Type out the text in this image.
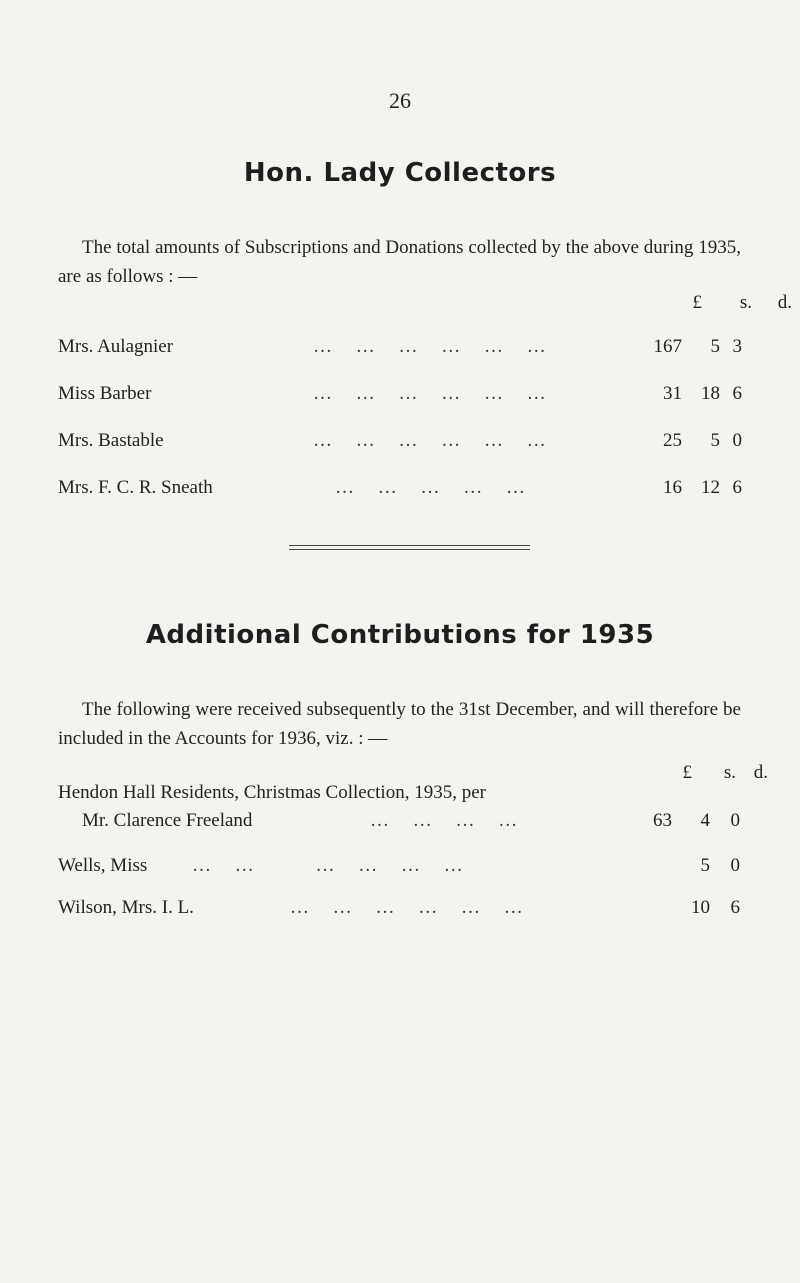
26
Hon. Lady Collectors

The total amounts of Subscriptions and Donations collected by the above during 1935, are as follows : —

£	s.	d.
Mrs. Aulagnier	…     …     …     …     …     …	167	5 3
Miss Barber	…     …     …     …     …     …	31	18 6
Mrs. Bastable	…     …     …     …     …     …	25	5 0
Mrs. F. C. R. Sneath	…     …     …     …     …	16	12 6
Additional Contributions for 1935

The following were received subsequently to the 31st December, and will therefore be included in the Accounts for 1936, viz. : —

£	s. d.
Hendon Hall Residents, Christmas Collection, 1935, per
Mr. Clarence Freeland	…     …     …     …	63	4	0
Wells, Miss …     …             …     …     …     …	5	0
Wilson, Mrs. I. L.	…     …     …     …     …     …	10	6
